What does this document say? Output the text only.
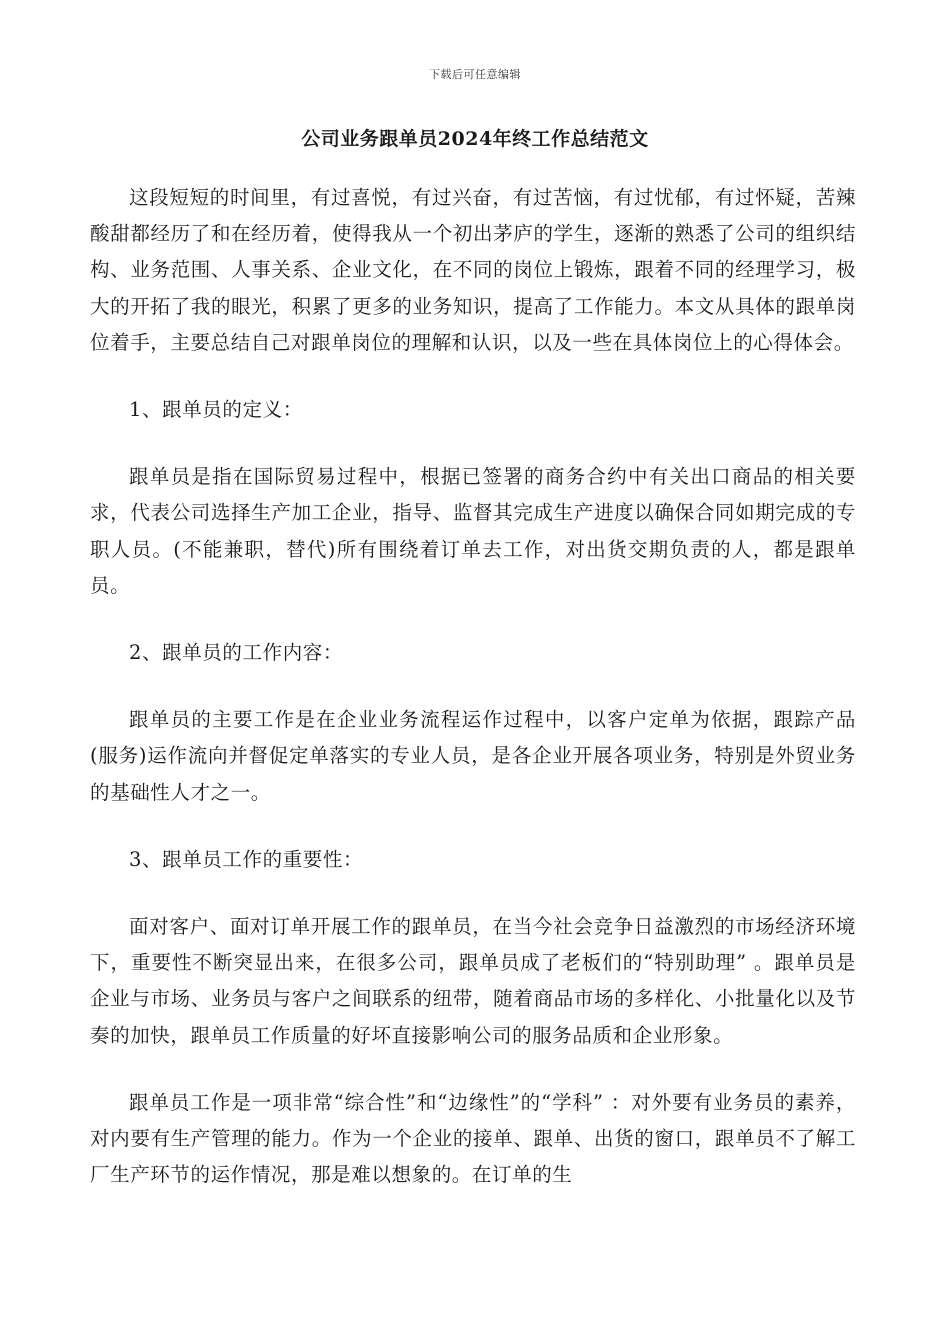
下载后可任意编辑
公司业务跟单员2024年终工作总结范文

这段短短的时间里，有过喜悦，有过兴奋，有过苦恼，有过忧郁，有过怀疑，苦辣酸甜都经历了和在经历着，使得我从一个初出茅庐的学生，逐渐的熟悉了公司的组织结构、业务范围、人事关系、企业文化，在不同的岗位上锻炼，跟着不同的经理学习，极大的开拓了我的眼光，积累了更多的业务知识，提高了工作能力。本文从具体的跟单岗位着手，主要总结自己对跟单岗位的理解和认识，以及一些在具体岗位上的心得体会。

1、跟单员的定义：

跟单员是指在国际贸易过程中，根据已签署的商务合约中有关出口商品的相关要求，代表公司选择生产加工企业，指导、监督其完成生产进度以确保合同如期完成的专职人员。(不能兼职，替代)所有围绕着订单去工作，对出货交期负责的人，都是跟单员。

2、跟单员的工作内容：

跟单员的主要工作是在企业业务流程运作过程中，以客户定单为依据，跟踪产品(服务)运作流向并督促定单落实的专业人员，是各企业开展各项业务，特别是外贸业务的基础性人才之一。

3、跟单员工作的重要性：

面对客户、面对订单开展工作的跟单员，在当今社会竞争日益激烈的市场经济环境下，重要性不断突显出来，在很多公司，跟单员成了老板们的“特别助理” 。跟单员是企业与市场、业务员与客户之间联系的纽带，随着商品市场的多样化、小批量化以及节奏的加快，跟单员工作质量的好坏直接影响公司的服务品质和企业形象。

跟单员工作是一项非常“综合性”和“边缘性”的“学科” ：对外要有业务员的素养，对内要有生产管理的能力。作为一个企业的接单、跟单、出货的窗口，跟单员不了解工厂生产环节的运作情况，那是难以想象的。在订单的生
